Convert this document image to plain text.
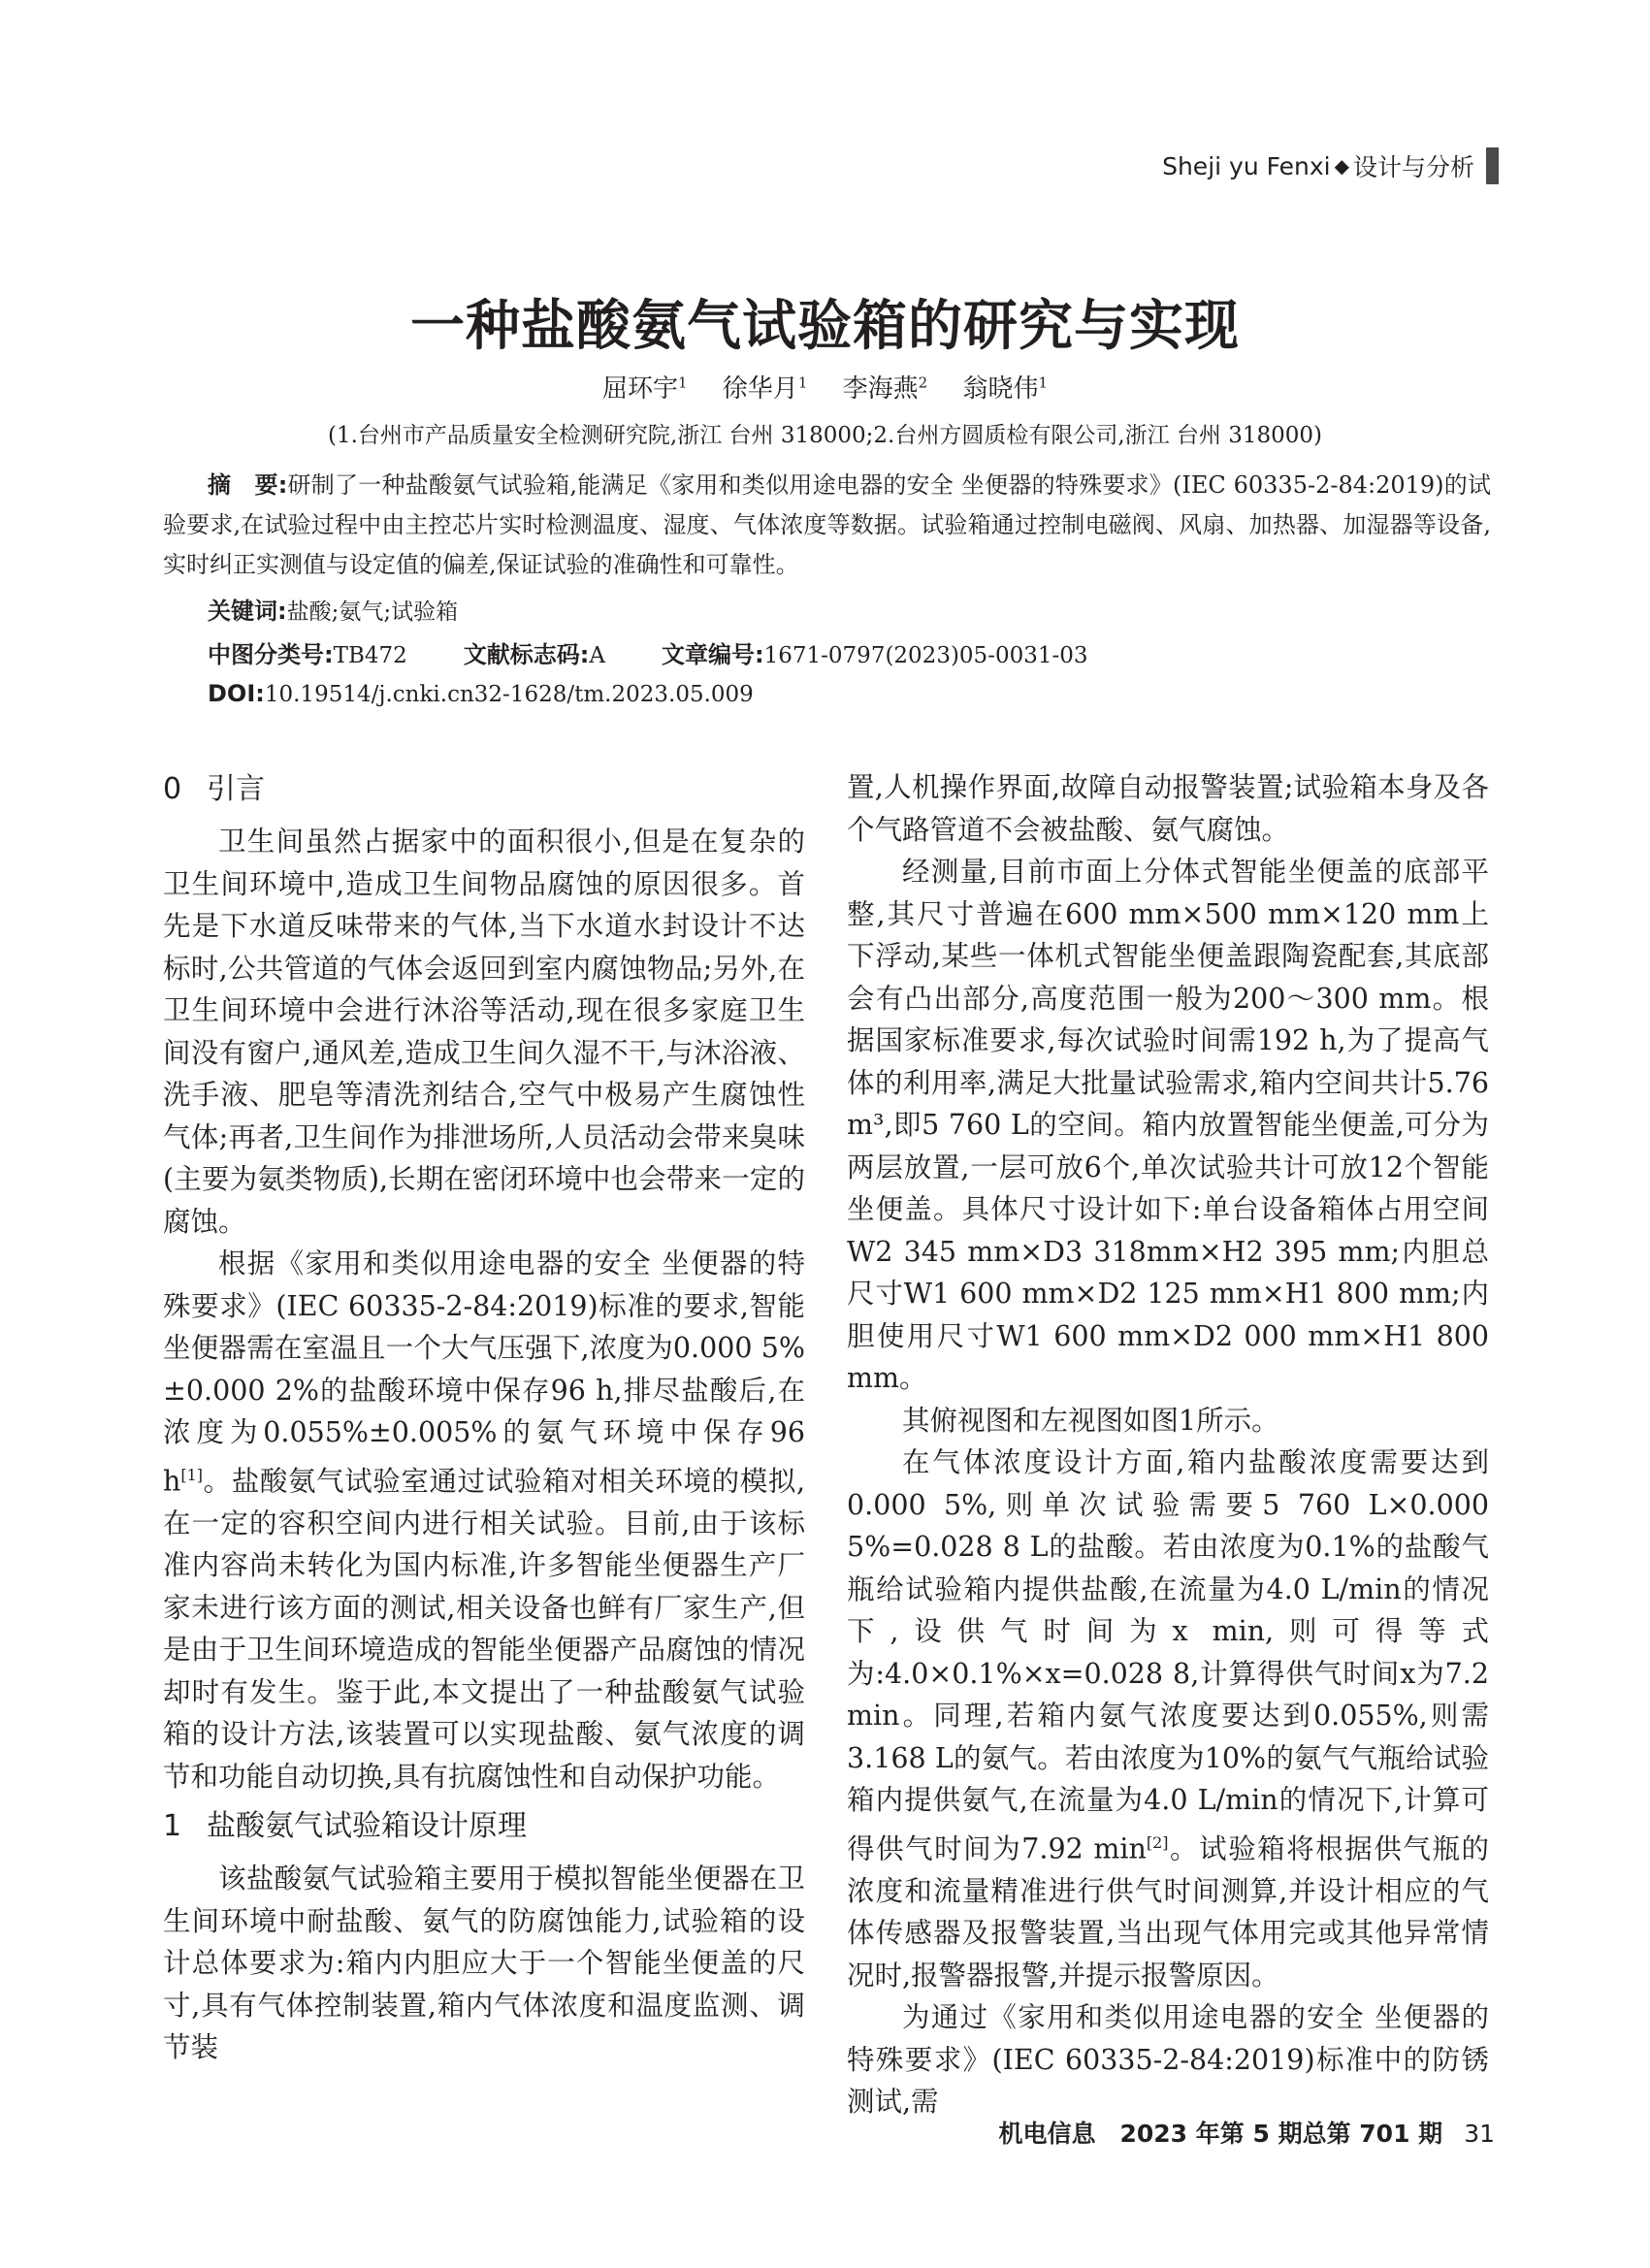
Sheji yu Fenxi ◆ 设计与分析
一种盐酸氨气试验箱的研究与实现
屈环宇$^1$ 徐华月$^1$ 李海燕$^2$ 翁晓伟$^1$
(1.台州市产品质量安全检测研究院,浙江 台州 318000;2.台州方圆质检有限公司,浙江 台州 318000)

摘　要:研制了一种盐酸氨气试验箱,能满足《家用和类似用途电器的安全 坐便器的特殊要求》(IEC 60335-2-84:2019)的试验要求,在试验过程中由主控芯片实时检测温度、湿度、气体浓度等数据。试验箱通过控制电磁阀、风扇、加热器、加湿器等设备,实时纠正实测值与设定值的偏差,保证试验的准确性和可靠性。

关键词:盐酸;氨气;试验箱
中图分类号:TB472 文献标志码:A 文章编号:1671-0797(2023)05-0031-03
DOI:10.19514/j.cnki.cn32-1628/tm.2023.05.009
0 引言

卫生间虽然占据家中的面积很小,但是在复杂的卫生间环境中,造成卫生间物品腐蚀的原因很多。首先是下水道反味带来的气体,当下水道水封设计不达标时,公共管道的气体会返回到室内腐蚀物品;另外,在卫生间环境中会进行沐浴等活动,现在很多家庭卫生间没有窗户,通风差,造成卫生间久湿不干,与沐浴液、洗手液、肥皂等清洗剂结合,空气中极易产生腐蚀性气体;再者,卫生间作为排泄场所,人员活动会带来臭味(主要为氨类物质),长期在密闭环境中也会带来一定的腐蚀。

根据《家用和类似用途电器的安全 坐便器的特殊要求》(IEC 60335-2-84:2019)标准的要求,智能坐便器需在室温且一个大气压强下,浓度为0.000 5%±0.000 2%的盐酸环境中保存96 h,排尽盐酸后,在浓度为0.055%±0.005%的氨气环境中保存96 h[1]。盐酸氨气试验室通过试验箱对相关环境的模拟,在一定的容积空间内进行相关试验。目前,由于该标准内容尚未转化为国内标准,许多智能坐便器生产厂家未进行该方面的测试,相关设备也鲜有厂家生产,但是由于卫生间环境造成的智能坐便器产品腐蚀的情况却时有发生。鉴于此,本文提出了一种盐酸氨气试验箱的设计方法,该装置可以实现盐酸、氨气浓度的调节和功能自动切换,具有抗腐蚀性和自动保护功能。

1 盐酸氨气试验箱设计原理

该盐酸氨气试验箱主要用于模拟智能坐便器在卫生间环境中耐盐酸、氨气的防腐蚀能力,试验箱的设计总体要求为:箱内内胆应大于一个智能坐便盖的尺寸,具有气体控制装置,箱内气体浓度和温度监测、调节装

置,人机操作界面,故障自动报警装置;试验箱本身及各个气路管道不会被盐酸、氨气腐蚀。

经测量,目前市面上分体式智能坐便盖的底部平整,其尺寸普遍在600 mm×500 mm×120 mm上下浮动,某些一体机式智能坐便盖跟陶瓷配套,其底部会有凸出部分,高度范围一般为200～300 mm。根据国家标准要求,每次试验时间需192 h,为了提高气体的利用率,满足大批量试验需求,箱内空间共计5.76 m³,即5 760 L的空间。箱内放置智能坐便盖,可分为两层放置,一层可放6个,单次试验共计可放12个智能坐便盖。具体尺寸设计如下:单台设备箱体占用空间W2 345 mm×D3 318mm×H2 395 mm;内胆总尺寸W1 600 mm×D2 125 mm×H1 800 mm;内胆使用尺寸W1 600 mm×D2 000 mm×H1 800 mm。

其俯视图和左视图如图1所示。

在气体浓度设计方面,箱内盐酸浓度需要达到0.000 5%,则单次试验需要5 760 L×0.000 5%=0.028 8 L的盐酸。若由浓度为0.1%的盐酸气瓶给试验箱内提供盐酸,在流量为4.0 L/min的情况下,设供气时间为x min,则可得等式为:4.0×0.1%×x=0.028 8,计算得供气时间x为7.2 min。同理,若箱内氨气浓度要达到0.055%,则需3.168 L的氨气。若由浓度为10%的氨气气瓶给试验箱内提供氨气,在流量为4.0 L/min的情况下,计算可得供气时间为7.92 min[2]。试验箱将根据供气瓶的浓度和流量精准进行供气时间测算,并设计相应的气体传感器及报警装置,当出现气体用完或其他异常情况时,报警器报警,并提示报警原因。

为通过《家用和类似用途电器的安全 坐便器的特殊要求》(IEC 60335-2-84:2019)标准中的防锈测试,需

机电信息　2023 年第 5 期总第 701 期 31
